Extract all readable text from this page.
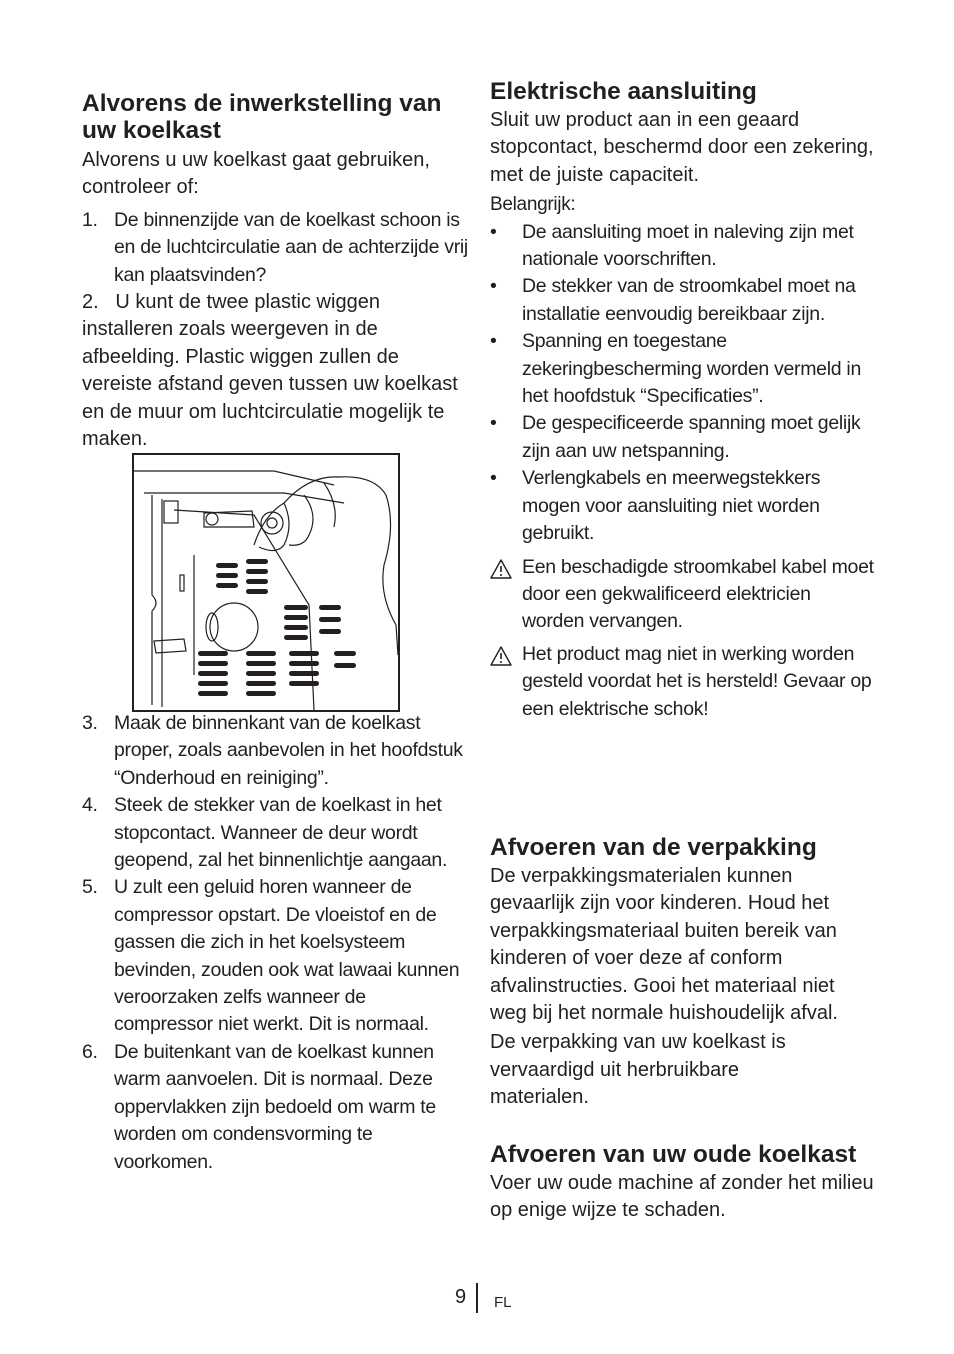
Alvorens de inwerkstelling van uw koelkast

Alvorens u uw koelkast gaat gebruiken, controleer of:

1. De binnenzijde van de koelkast schoon is en de luchtcirculatie aan de achterzijde vrij kan plaatsvinden?

2.   U kunt de twee plastic wiggen installeren zoals weergeven in de afbeelding. Plastic wiggen zullen de vereiste afstand geven tussen uw koelkast en de muur om luchtcirculatie mogelijk te maken.

3. Maak de binnenkant van de koelkast proper, zoals aanbevolen in het hoofdstuk “Onderhoud en reiniging”.
4. Steek de stekker van de koelkast in het stopcontact. Wanneer de deur wordt geopend, zal het binnenlichtje aangaan.
5. U zult een geluid horen wanneer de compressor opstart. De vloeistof en de gassen die zich in het koelsysteem bevinden, zouden ook wat lawaai kunnen veroorzaken zelfs wanneer de compressor niet werkt. Dit is normaal.
6. De buitenkant van de koelkast kunnen warm aanvoelen. Dit is normaal. Deze oppervlakken zijn bedoeld om warm te worden om condensvorming te voorkomen.
Elektrische aansluiting

Sluit uw product aan in een geaard stopcontact, beschermd door een zekering, met de juiste capaciteit.

Belangrijk:

• De aansluiting moet in naleving zijn met nationale voorschriften.
• De stekker van de stroomkabel moet na installatie eenvoudig bereikbaar zijn.
• Spanning en toegestane zekeringbescherming worden vermeld in het hoofdstuk “Specificaties”.
• De gespecificeerde spanning moet gelijk zijn aan uw netspanning.
• Verlengkabels en meerwegstekkers mogen voor aansluiting niet worden gebruikt.
Een beschadigde stroomkabel kabel moet door een gekwalificeerd elektricien worden vervangen.
Het product mag niet in werking worden gesteld voordat het is hersteld! Gevaar op een elektrische schok!
Afvoeren van de verpakking

De verpakkingsmaterialen kunnen gevaarlijk zijn voor kinderen. Houd het verpakkingsmateriaal buiten bereik van kinderen of voer deze af conform afvalinstructies. Gooi het materiaal niet weg bij het normale huishoudelijk afval.

De verpakking van uw koelkast is vervaardigd uit herbruikbare materialen.

Afvoeren van uw oude koelkast

Voer uw oude machine af zonder het milieu op enige wijze te schaden.

9 FL
